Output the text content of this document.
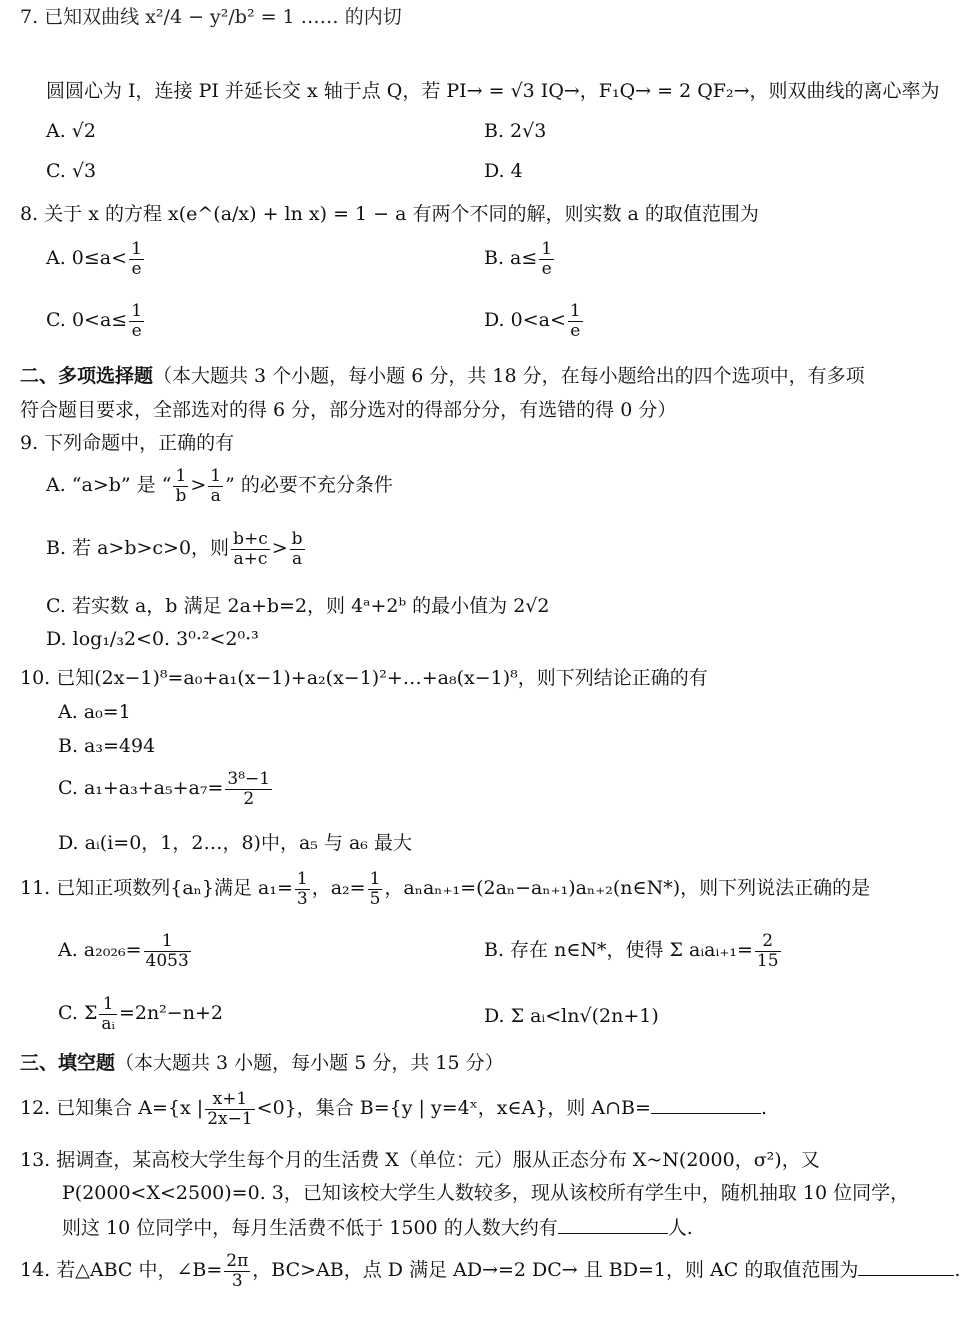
7. 已知双曲线 x²/4 − y²/b² = 1 …… 的内切
圆圆心为 I，连接 PI 并延长交 x 轴于点 Q，若 PI→ = √3 IQ→，F₁Q→ = 2 QF₂→，则双曲线的离心率为
A. √2	B. 2√3
C. √3	D. 4
8. 关于 x 的方程 x(e^(a/x) + ln x) = 1 − a 有两个不同的解，则实数 a 的取值范围为
A. $0\le a< \frac{1}{e}$	B. $a\le \frac{1}{e}$
C. $0<a\le \frac{1}{e}$	D. $0<a< \frac{1}{e}$
二、多项选择题（本大题共 3 个小题，每小题 6 分，共 18 分，在每小题给出的四个选项中，有多项
符合题目要求，全部选对的得 6 分，部分选对的得部分分，有选错的得 0 分）
9. 下列命题中，正确的有
A. “a>b” 是 “ $\frac{1}{b} > \frac{1}{a}$ ” 的必要不充分条件
B. 若 a>b>c>0，则 $\frac{b+c}{a+c} > \frac{b}{a}$
C. 若实数 a，b 满足 2a+b=2，则 4ᵃ+2ᵇ 的最小值为 2√2
D. log₁/₃2<0. 3⁰·²<2⁰·³
10. 已知(2x−1)⁸=a₀+a₁(x−1)+a₂(x−1)²+…+a₈(x−1)⁸，则下列结论正确的有
A. a₀=1
B. a₃=494
C. $a_1+a_3+a_5+a_7= \frac{\text{3⁸−1}}{2}$
D. aᵢ(i=0，1，2…，8)中，a₅ 与 a₆ 最大
11. 已知正项数列{aₙ}满足 $a_1= \frac{1}{3}$ ，$a_2= \frac{1}{5}$ ，aₙaₙ₊₁=(2aₙ−aₙ₊₁)aₙ₊₂(n∈N*)，则下列说法正确的是
A. $a_{2026}= \frac{1}{4053}$	B. 存在 n∈N*，使得 Σ aᵢaᵢ₊₁= $\frac{2}{15}$
C. Σ $\frac{1}{\text{aᵢ}} =2n^2-n+2$	D. Σ aᵢ<ln√(2n+1)
三、填空题（本大题共 3 小题，每小题 5 分，共 15 分）
12. 已知集合 A={x | $\frac{x+1}{2x-1} <0$}，集合 B={y | y=4ˣ，x∈A}，则 A∩B=	.
13. 据调查，某高校大学生每个月的生活费 X（单位：元）服从正态分布 X~N(2000，σ²)，又
P(2000<X<2500)=0. 3，已知该校大学生人数较多，现从该校所有学生中，随机抽取 10 位同学，
则这 10 位同学中，每月生活费不低于 1500 的人数大约有	人.
14. 若△ABC 中，∠B= $\frac{2\pi}{3}$ ，BC>AB，点 D 满足 AD→=2 DC→ 且 BD=1，则 AC 的取值范围为	.
